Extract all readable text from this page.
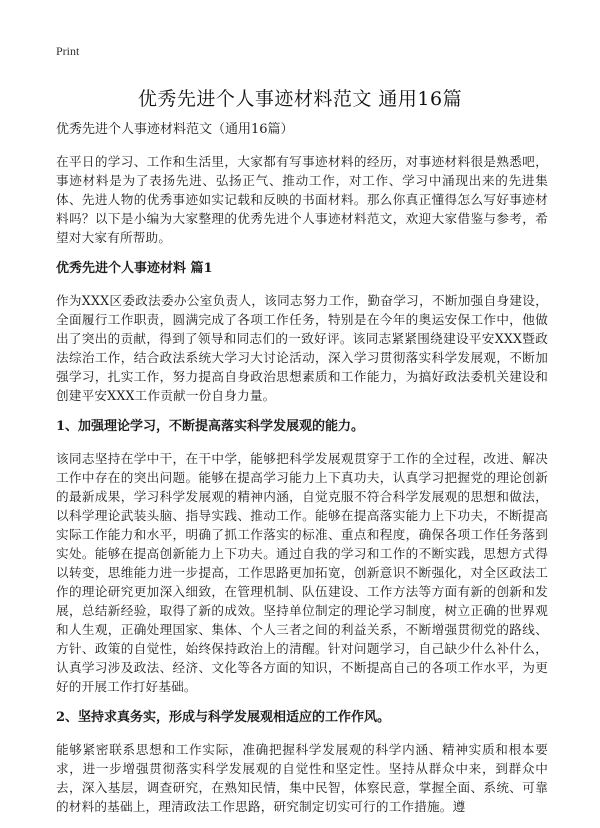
Print
优秀先进个人事迹材料范文 通用16篇
优秀先进个人事迹材料范文（通用16篇）

在平日的学习、工作和生活里，大家都有写事迹材料的经历，对事迹材料很是熟悉吧，事迹材料是为了表扬先进、弘扬正气、推动工作，对工作、学习中涌现出来的先进集体、先进人物的优秀事迹如实记载和反映的书面材料。那么你真正懂得怎么写好事迹材料吗？以下是小编为大家整理的优秀先进个人事迹材料范文，欢迎大家借鉴与参考，希望对大家有所帮助。

优秀先进个人事迹材料 篇1

作为XXX区委政法委办公室负责人，该同志努力工作，勤奋学习，不断加强自身建设，全面履行工作职责，圆满完成了各项工作任务，特别是在今年的奥运安保工作中，他做出了突出的贡献，得到了领导和同志们的一致好评。该同志紧紧围绕建设平安XXX暨政法综治工作，结合政法系统大学习大讨论活动，深入学习贯彻落实科学发展观，不断加强学习，扎实工作，努力提高自身政治思想素质和工作能力，为搞好政法委机关建设和创建平安XXX工作贡献一份自身力量。

1、加强理论学习，不断提高落实科学发展观的能力。

该同志坚持在学中干，在干中学，能够把科学发展观贯穿于工作的全过程，改进、解决工作中存在的突出问题。能够在提高学习能力上下真功夫，认真学习把握党的理论创新的最新成果，学习科学发展观的精神内涵，自觉克服不符合科学发展观的思想和做法，以科学理论武装头脑、指导实践、推动工作。能够在提高落实能力上下功夫，不断提高实际工作能力和水平，明确了抓工作落实的标准、重点和程度，确保各项工作任务落到实处。能够在提高创新能力上下功夫。通过自我的学习和工作的不断实践，思想方式得以转变，思维能力进一步提高，工作思路更加拓宽，创新意识不断强化，对全区政法工作的理论研究更加深入细致，在管理机制、队伍建设、工作方法等方面有新的创新和发展，总结新经验，取得了新的成效。坚持单位制定的理论学习制度，树立正确的世界观和人生观，正确处理国家、集体、个人三者之间的利益关系，不断增强贯彻党的路线、方针、政策的自觉性，始终保持政治上的清醒。针对问题学习，自己缺少什么补什么，认真学习涉及政法、经济、文化等各方面的知识，不断提高自己的各项工作水平，为更好的开展工作打好基础。

2、坚持求真务实，形成与科学发展观相适应的工作作风。

能够紧密联系思想和工作实际，准确把握科学发展观的科学内涵、精神实质和根本要求，进一步增强贯彻落实科学发展观的自觉性和坚定性。坚持从群众中来，到群众中去，深入基层，调查研究，在熟知民情，集中民智，体察民意，掌握全面、系统、可靠的材料的基础上，理清政法工作思路，研究制定切实可行的工作措施。遵
